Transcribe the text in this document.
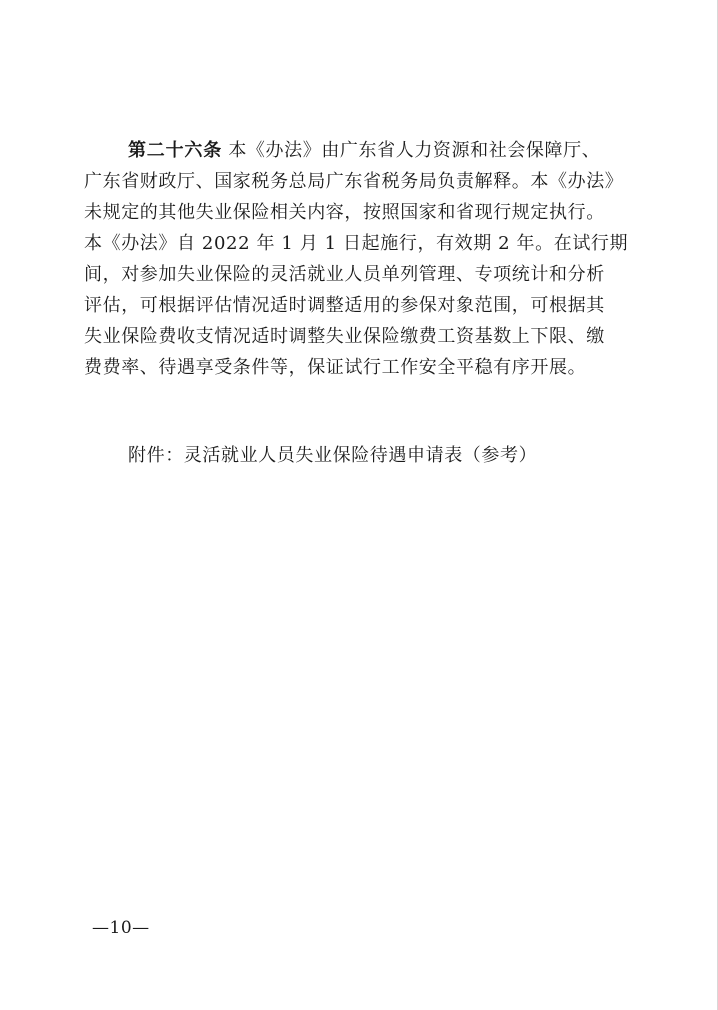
第二十六条 本《办法》由广东省人力资源和社会保障厅、
广东省财政厅、国家税务总局广东省税务局负责解释。本《办法》
未规定的其他失业保险相关内容，按照国家和省现行规定执行。
本《办法》自 2022 年 1 月 1 日起施行，有效期 2 年。在试行期
间，对参加失业保险的灵活就业人员单列管理、专项统计和分析
评估，可根据评估情况适时调整适用的参保对象范围，可根据其
失业保险费收支情况适时调整失业保险缴费工资基数上下限、缴
费费率、待遇享受条件等，保证试行工作安全平稳有序开展。
附件：灵活就业人员失业保险待遇申请表（参考）
—10—
